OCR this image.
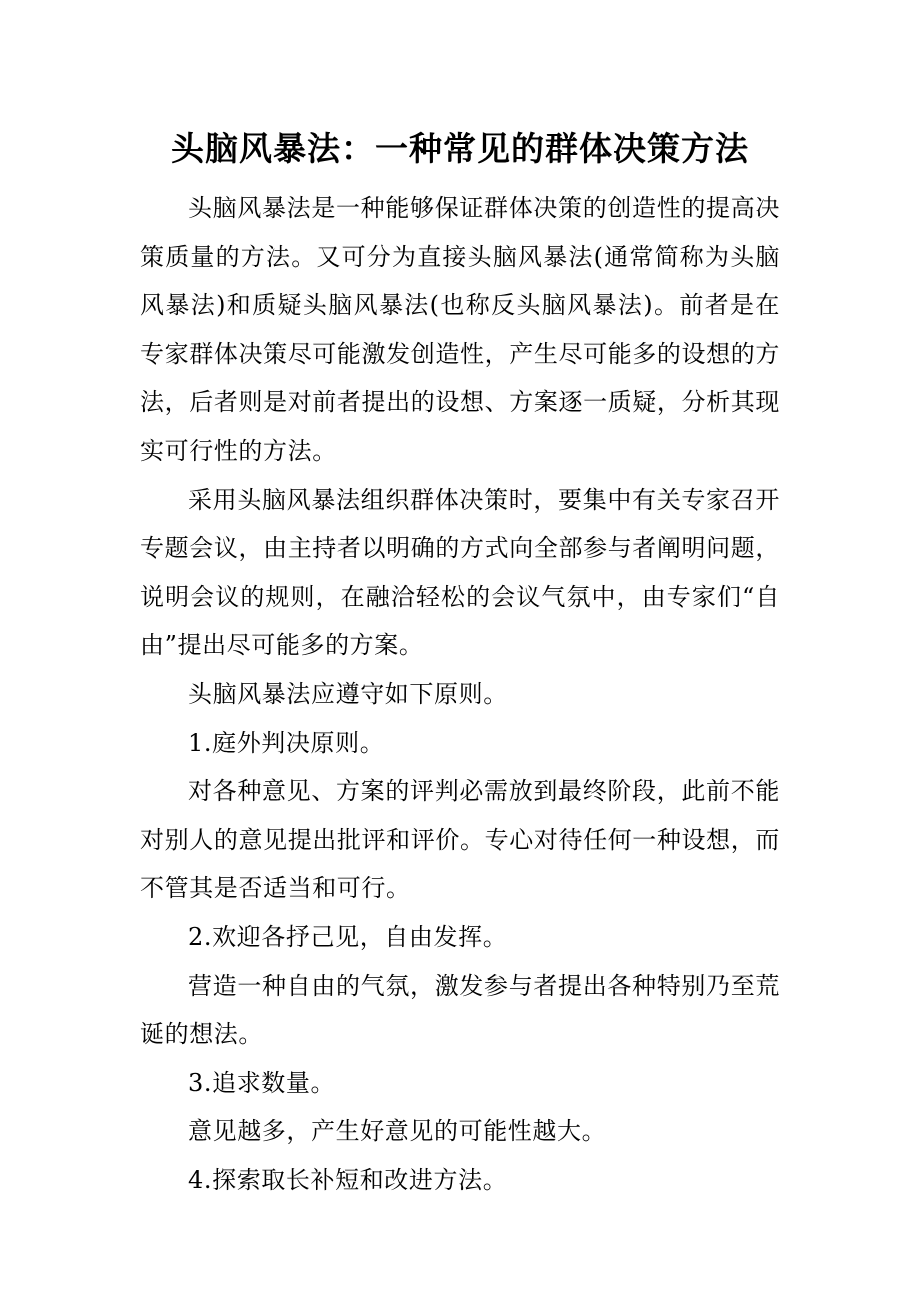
头脑风暴法：一种常见的群体决策方法

头脑风暴法是一种能够保证群体决策的创造性的提高决策质量的方法。又可分为直接头脑风暴法(通常简称为头脑风暴法)和质疑头脑风暴法(也称反头脑风暴法)。前者是在专家群体决策尽可能激发创造性，产生尽可能多的设想的方法，后者则是对前者提出的设想、方案逐一质疑，分析其现实可行性的方法。

采用头脑风暴法组织群体决策时，要集中有关专家召开专题会议，由主持者以明确的方式向全部参与者阐明问题，说明会议的规则，在融洽轻松的会议气氛中，由专家们“自由”提出尽可能多的方案。

头脑风暴法应遵守如下原则。

1.庭外判决原则。

对各种意见、方案的评判必需放到最终阶段，此前不能对别人的意见提出批评和评价。专心对待任何一种设想，而不管其是否适当和可行。

2.欢迎各抒己见，自由发挥。

营造一种自由的气氛，激发参与者提出各种特别乃至荒诞的想法。

3.追求数量。

意见越多，产生好意见的可能性越大。

4.探索取长补短和改进方法。
